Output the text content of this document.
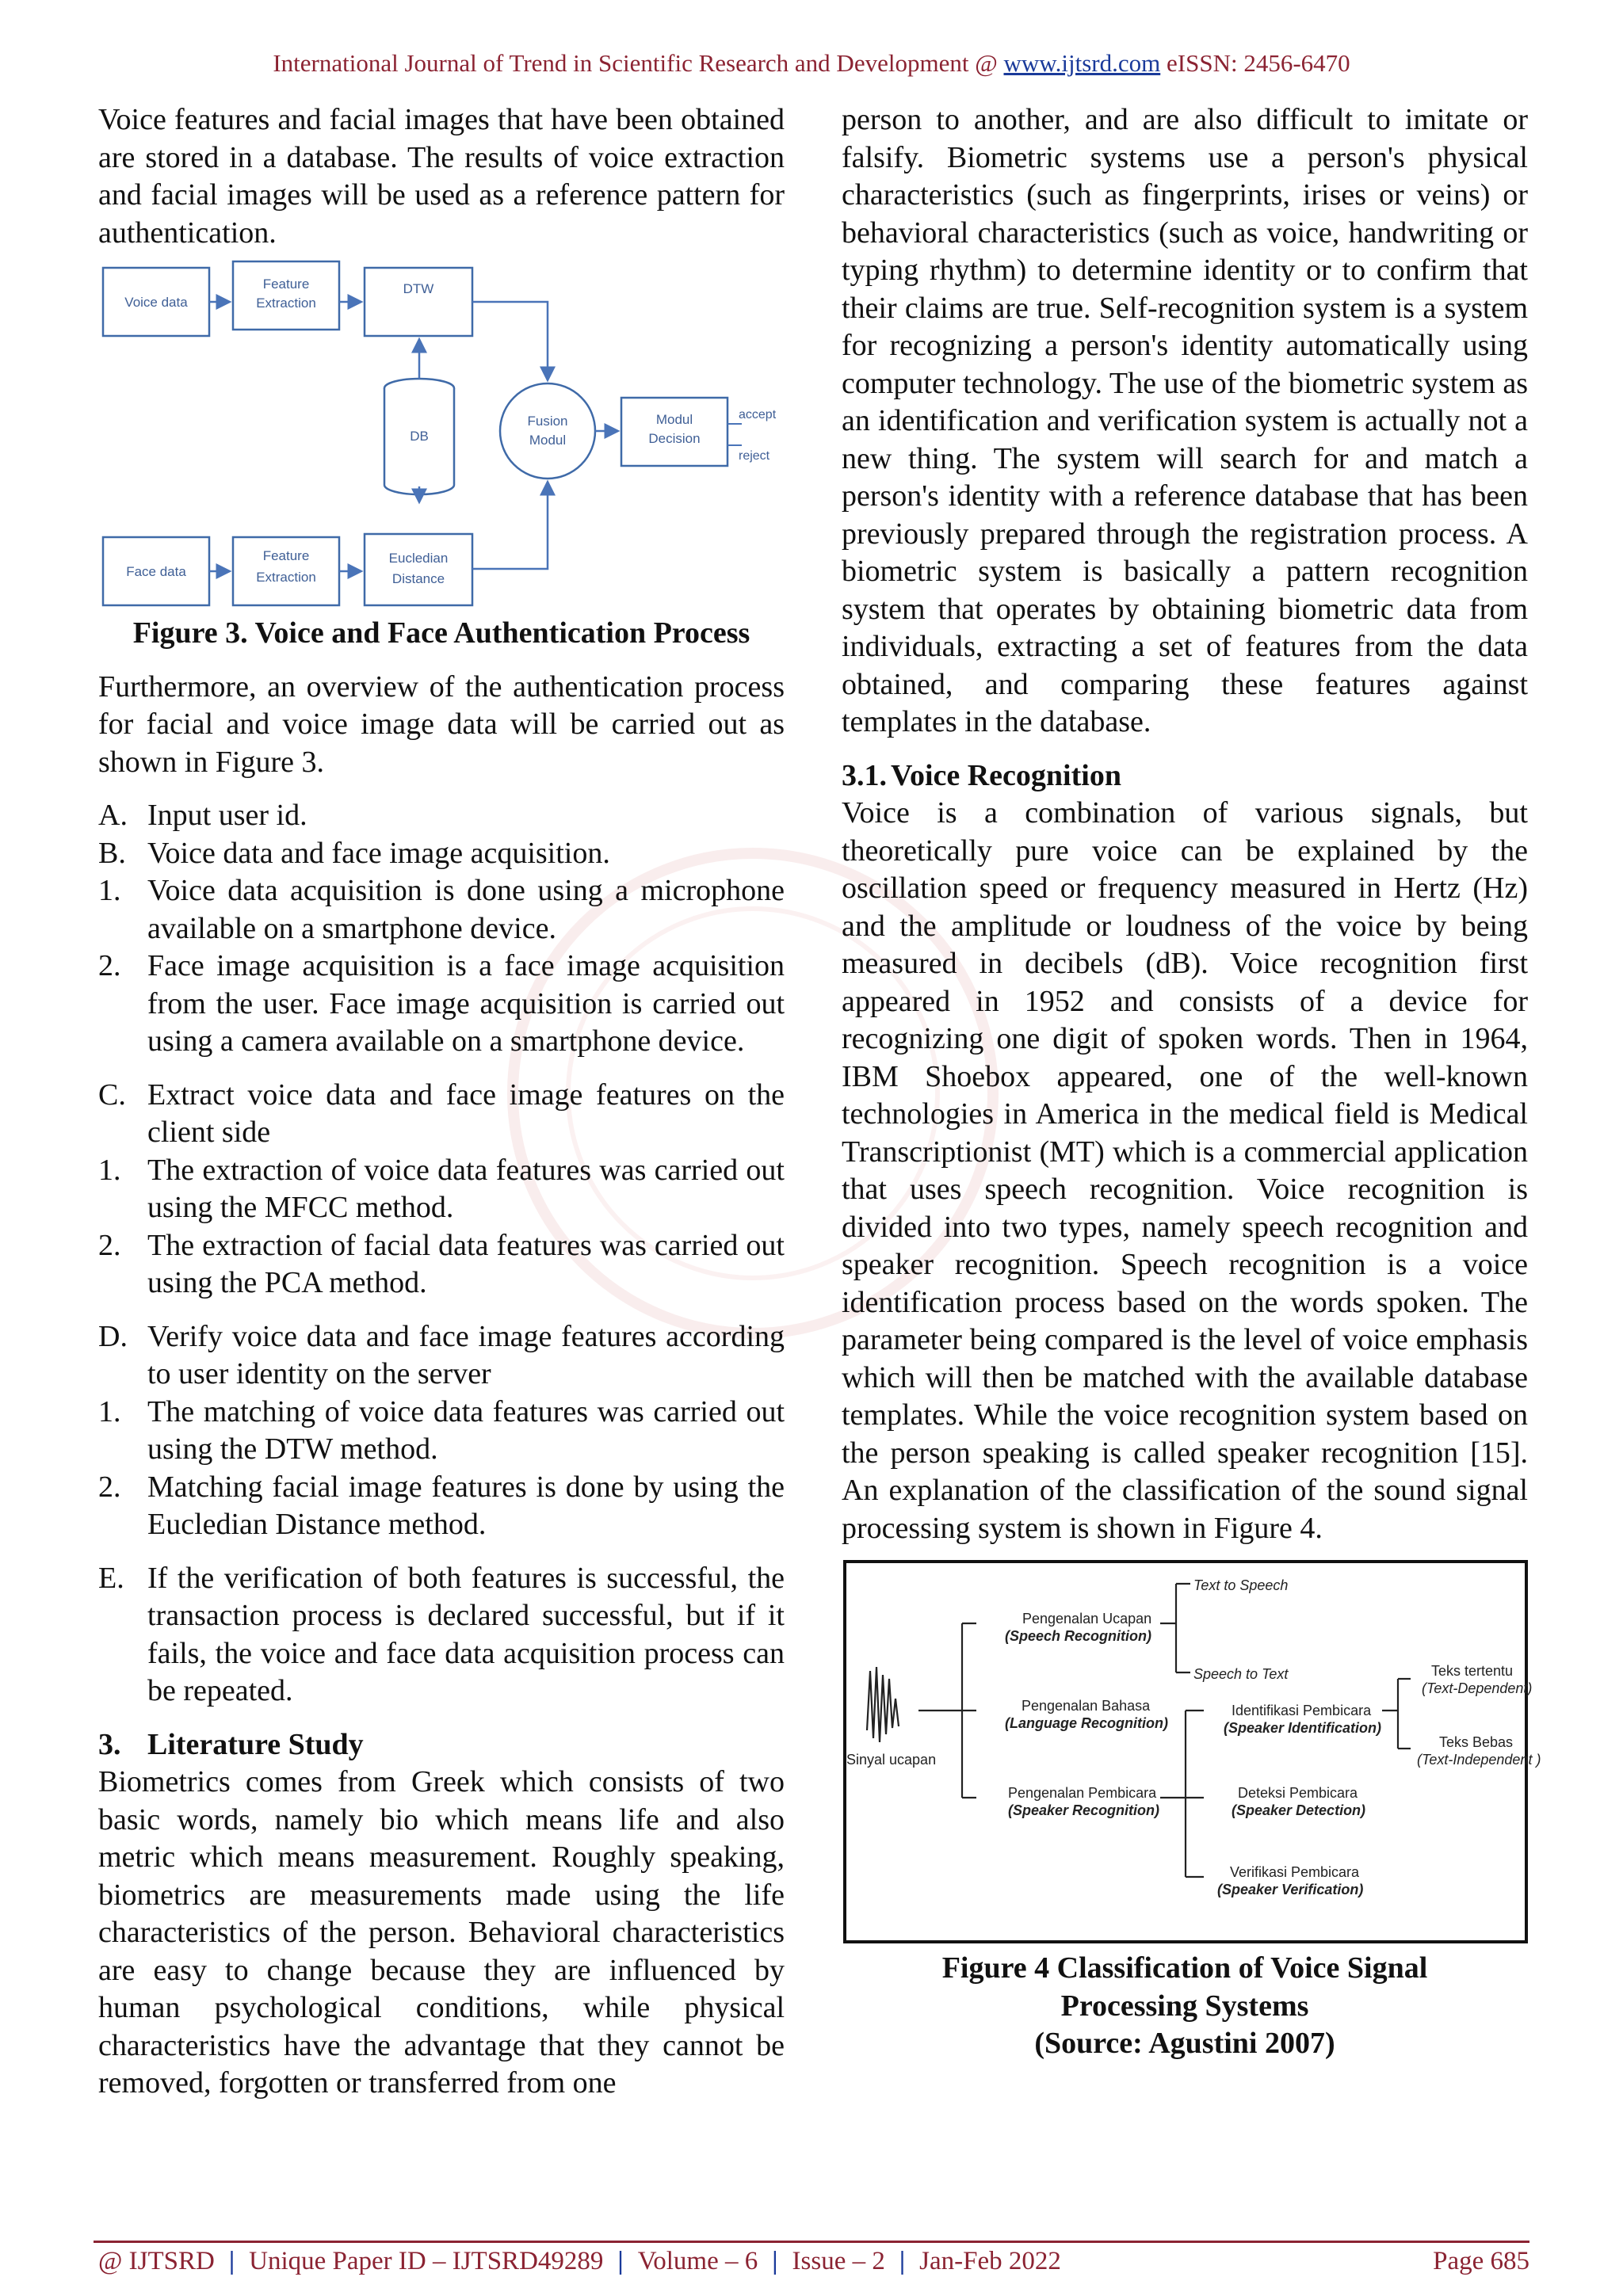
International Journal of Trend in Scientific Research and Development @ www.ijtsrd.com eISSN: 2456-6470

Voice features and facial images that have been obtained are stored in a database. The results of voice extraction and facial images will be used as a reference pattern for authentication.

Voice data
Feature
Extraction
DTW
DB
Fusion
Modul
Modul
Decision
Face data
Feature
Extraction
Eucledian
Distance
accept
reject

Figure 3. Voice and Face Authentication Process

Furthermore, an overview of the authentication process for facial and voice image data will be carried out as shown in Figure 3.

A. Input user id.
B. Voice data and face image acquisition.
1. Voice data acquisition is done using a microphone available on a smartphone device.
2. Face image acquisition is a face image acquisition from the user. Face image acquisition is carried out using a camera available on a smartphone device.
C. Extract voice data and face image features on the client side
1. The extraction of voice data features was carried out using the MFCC method.
2. The extraction of facial data features was carried out using the PCA method.
D. Verify voice data and face image features according to user identity on the server
1. The matching of voice data features was carried out using the DTW method.
2. Matching facial image features is done by using the Eucledian Distance method.
E. If the verification of both features is successful, the transaction process is declared successful, but if it fails, the voice and face data acquisition process can be repeated.

3. Literature Study

Biometrics comes from Greek which consists of two basic words, namely bio which means life and also metric which means measurement. Roughly speaking, biometrics are measurements made using the life characteristics of the person. Behavioral characteristics are easy to change because they are influenced by human psychological conditions, while physical characteristics have the advantage that they cannot be removed, forgotten or transferred from one

person to another, and are also difficult to imitate or falsify. Biometric systems use a person's physical characteristics (such as fingerprints, irises or veins) or behavioral characteristics (such as voice, handwriting or typing rhythm) to determine identity or to confirm that their claims are true. Self-recognition system is a system for recognizing a person's identity automatically using computer technology. The use of the biometric system as an identification and verification system is actually not a new thing. The system will search for and match a person's identity with a reference database that has been previously prepared through the registration process. A biometric system is basically a pattern recognition system that operates by obtaining biometric data from individuals, extracting a set of features from the data obtained, and comparing these features against templates in the database.

3.1. Voice Recognition

Voice is a combination of various signals, but theoretically pure voice can be explained by the oscillation speed or frequency measured in Hertz (Hz) and the amplitude or loudness of the voice by being measured in decibels (dB). Voice recognition first appeared in 1952 and consists of a device for recognizing one digit of spoken words. Then in 1964, IBM Shoebox appeared, one of the well-known technologies in America in the medical field is Medical Transcriptionist (MT) which is a commercial application that uses speech recognition. Voice recognition is divided into two types, namely speech recognition and speaker recognition. Speech recognition is a voice identification process based on the words spoken. The parameter being compared is the level of voice emphasis which will then be matched with the available database templates. While the voice recognition system based on the person speaking is called speaker recognition [15]. An explanation of the classification of the sound signal processing system is shown in Figure 4.

Sinyal ucapan
Pengenalan Ucapan
(Speech Recognition)
Text to Speech
Speech to Text
Pengenalan Bahasa
(Language Recognition)
Pengenalan Pembicara
(Speaker Recognition)
Identifikasi Pembicara
(Speaker Identification)
Deteksi Pembicara
(Speaker Detection)
Verifikasi Pembicara
(Speaker Verification)
Teks tertentu
(Text-Dependent)
Teks Bebas
(Text-Independent )

Figure 4 Classification of Voice Signal

Processing Systems

(Source: Agustini 2007)

@ IJTSRD | Unique Paper ID – IJTSRD49289 | Volume – 6 | Issue – 2 | Jan-Feb 2022	Page 685
